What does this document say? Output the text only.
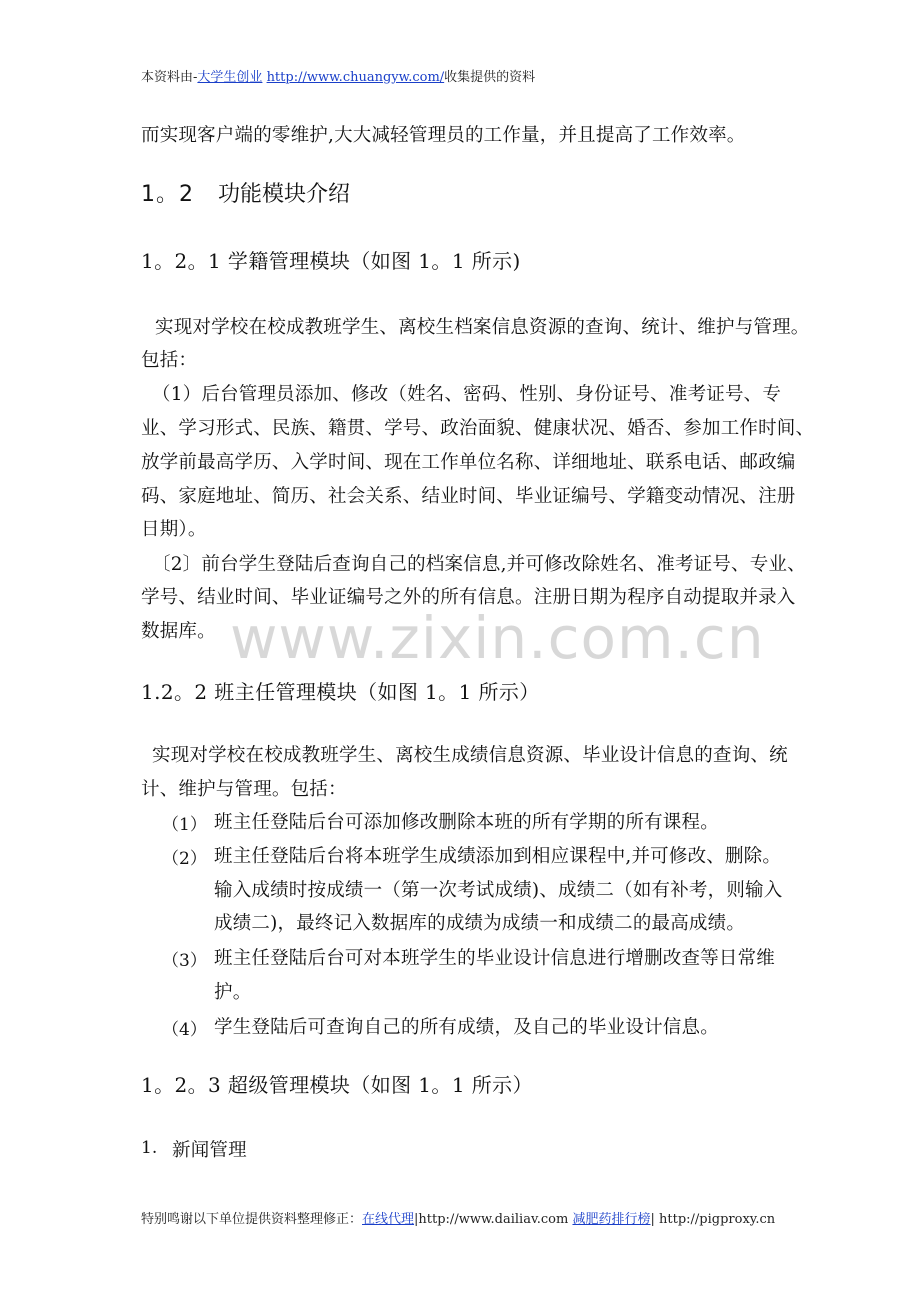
本资料由-大学生创业 http://www.chuangyw.com/收集提供的资料
而实现客户端的零维护,大大减轻管理员的工作量，并且提高了工作效率。
1。2 功能模块介绍
1。2。1 学籍管理模块（如图 1。1 所示)
实现对学校在校成教班学生、离校生档案信息资源的查询、统计、维护与管理。
包括：
（1）后台管理员添加、修改（姓名、密码、性别、身份证号、准考证号、专
业、学习形式、民族、籍贯、学号、政治面貌、健康状况、婚否、参加工作时间、
放学前最高学历、入学时间、现在工作单位名称、详细地址、联系电话、邮政编
码、家庭地址、简历、社会关系、结业时间、毕业证编号、学籍变动情况、注册
日期）。
〔2〕前台学生登陆后查询自己的档案信息,并可修改除姓名、准考证号、专业、
学号、结业时间、毕业证编号之外的所有信息。注册日期为程序自动提取并录入
数据库。 www.zixin.com.cn
1.2。2 班主任管理模块（如图 1。1 所示）
实现对学校在校成教班学生、离校生成绩信息资源、毕业设计信息的查询、统
计、维护与管理。包括：
（1） 班主任登陆后台可添加修改删除本班的所有学期的所有课程。
（2） 班主任登陆后台将本班学生成绩添加到相应课程中,并可修改、删除。
输入成绩时按成绩一（第一次考试成绩)、成绩二（如有补考，则输入
成绩二)，最终记入数据库的成绩为成绩一和成绩二的最高成绩。
（3） 班主任登陆后台可对本班学生的毕业设计信息进行增删改查等日常维
护。
（4） 学生登陆后可查询自己的所有成绩，及自己的毕业设计信息。
1。2。3 超级管理模块（如图 1。1 所示）
1. 新闻管理
特别鸣谢以下单位提供资料整理修正：在线代理|http://www.dailiav.com 减肥药排行榜| http://pigproxy.cn
